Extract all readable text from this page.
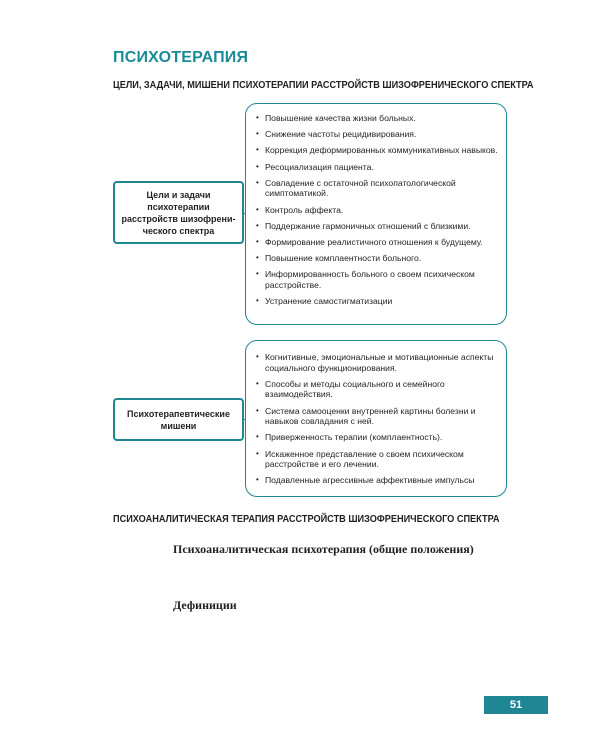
ПСИХОТЕРАПИЯ
ЦЕЛИ, ЗАДАЧИ, МИШЕНИ ПСИХОТЕРАПИИ РАССТРОЙСТВ ШИЗОФРЕНИЧЕСКОГО СПЕКТРА
• Повышение качества жизни больных.
• Снижение частоты рецидивирования.
• Коррекция деформированных коммуникативных навыков.
• Ресоциализация пациента.
• Совладение с остаточной психопатологической симптоматикой.
• Контроль аффекта.
• Поддержание гармоничных отношений с близкими.
• Формирование реалистичного отношения к будущему.
• Повышение комплаентности больного.
• Информированность больного о своем психическом расстройстве.
• Устранение самостигматизации
Цели и задачи
психотерапии
расстройств шизофрени-
ческого спектра
• Когнитивные, эмоциональные и мотивационные аспекты социального функционирования.
• Способы и методы социального и семейного взаимодействия.
• Система самооценки внутренней картины болезни и навыков совладания с ней.
• Приверженность терапии (комплаентность).
• Искаженное представление о своем психическом расстройстве и его лечении.
• Подавленные агрессивные аффективные импульсы
Психотерапевтические
мишени
ПСИХОАНАЛИТИЧЕСКАЯ ТЕРАПИЯ РАССТРОЙСТВ ШИЗОФРЕНИЧЕСКОГО СПЕКТРА
Психоаналитическая психотерапия (общие положения)
Дефиниции
51
